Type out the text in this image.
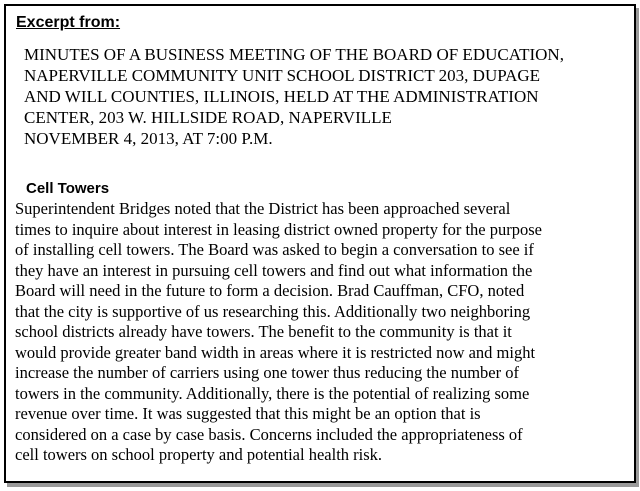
Excerpt from:
MINUTES OF A BUSINESS MEETING OF THE BOARD OF EDUCATION,
NAPERVILLE COMMUNITY UNIT SCHOOL DISTRICT 203, DUPAGE
AND WILL COUNTIES, ILLINOIS, HELD AT THE ADMINISTRATION
CENTER, 203 W. HILLSIDE ROAD, NAPERVILLE
NOVEMBER 4, 2013, AT 7:00 P.M.
Cell Towers
Superintendent Bridges noted that the District has been approached several
times to inquire about interest in leasing district owned property for the purpose
of installing cell towers. The Board was asked to begin a conversation to see if
they have an interest in pursuing cell towers and find out what information the
Board will need in the future to form a decision. Brad Cauffman, CFO, noted
that the city is supportive of us researching this. Additionally two neighboring
school districts already have towers. The benefit to the community is that it
would provide greater band width in areas where it is restricted now and might
increase the number of carriers using one tower thus reducing the number of
towers in the community. Additionally, there is the potential of realizing some
revenue over time. It was suggested that this might be an option that is
considered on a case by case basis. Concerns included the appropriateness of
cell towers on school property and potential health risk.
